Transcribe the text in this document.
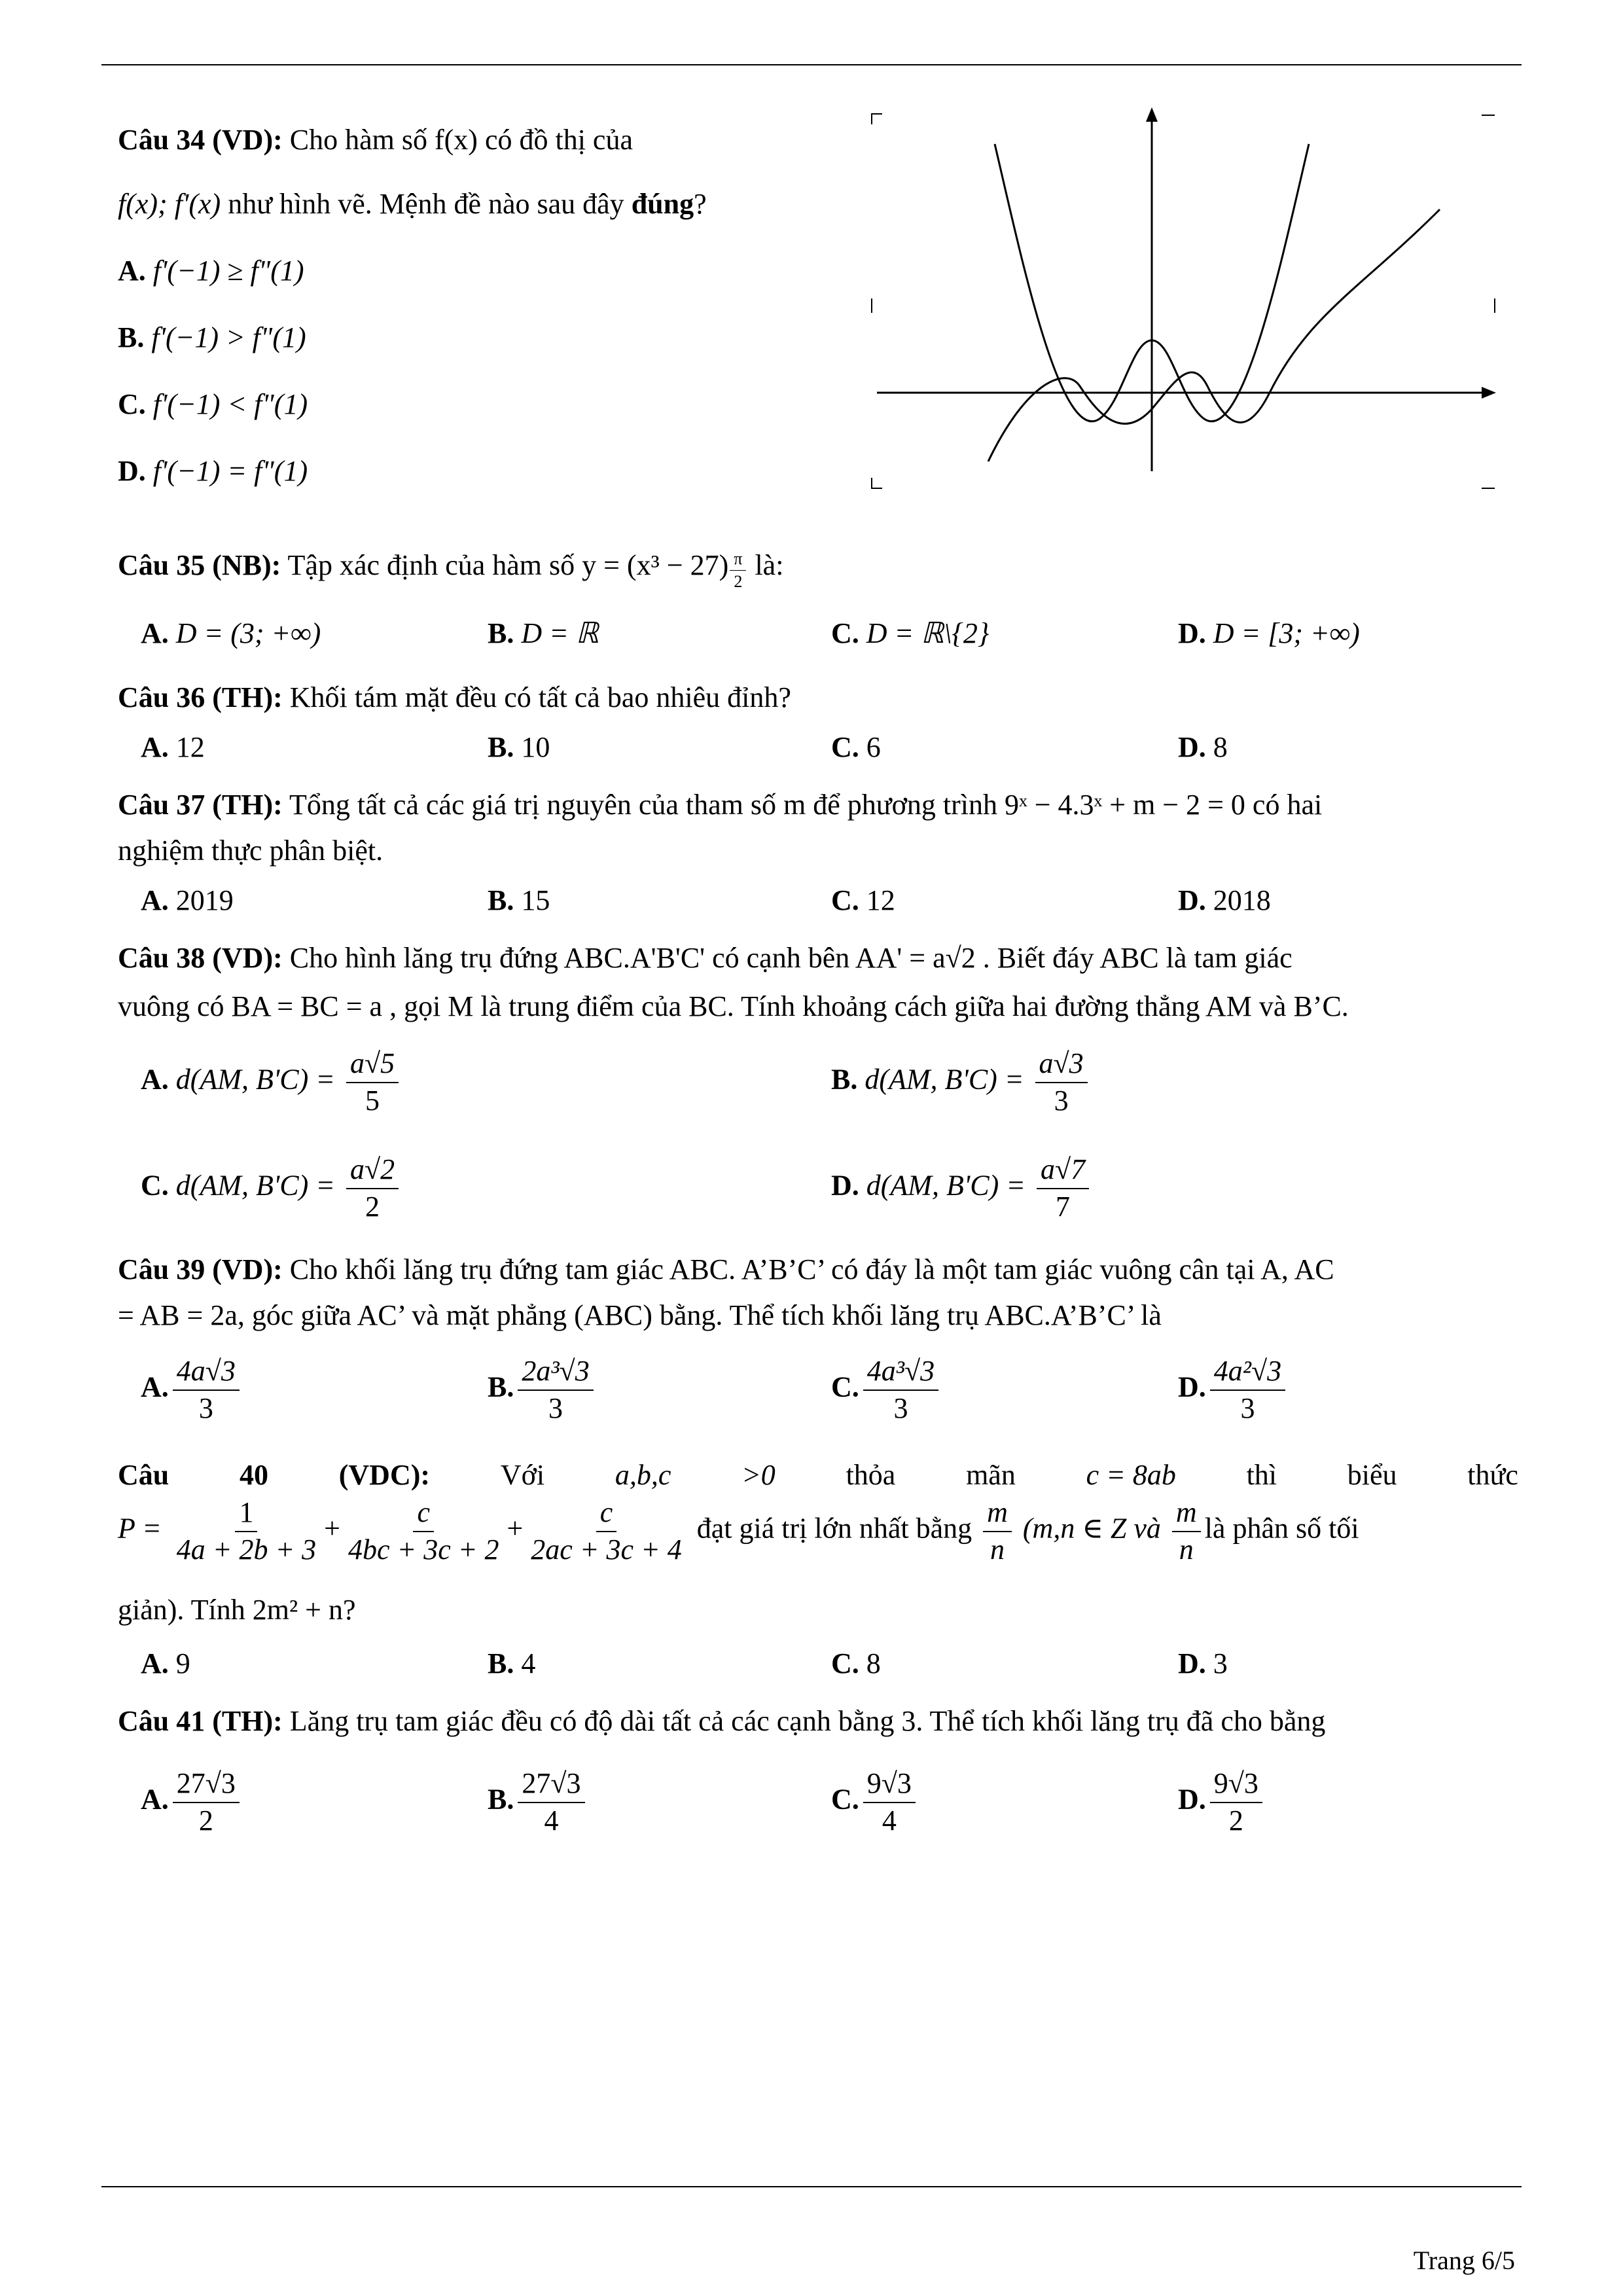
Câu 34 (VD): Cho hàm số f(x) có đồ thị của
f(x); f'(x) như hình vẽ. Mệnh đề nào sau đây đúng?
A. f'(−1) ≥ f"(1)
B. f'(−1) > f"(1)
C. f'(−1) < f"(1)
D. f'(−1) = f"(1)
Câu 35 (NB): Tập xác định của hàm số $y = (x^3 - 27) \frac{\pi}{2}$ là:
A. D = (3; +∞)	B. D = ℝ	C. D = ℝ\{2}	D. D = [3; +∞)
Câu 36 (TH): Khối tám mặt đều có tất cả bao nhiêu đỉnh?
A. 12	B. 10	C. 6	D. 8
Câu 37 (TH): Tổng tất cả các giá trị nguyên của tham số m để phương trình 9ˣ − 4.3ˣ + m − 2 = 0 có hai
nghiệm thực phân biệt.
A. 2019	B. 15	C. 12	D. 2018
Câu 38 (VD): Cho hình lăng trụ đứng ABC.A'B'C' có cạnh bên AA' = a√2 . Biết đáy ABC là tam giác
vuông có BA = BC = a , gọi M là trung điểm của BC. Tính khoảng cách giữa hai đường thẳng AM và B’C.
A. d(AM, $B'C) = \frac{a√5}{5}$	B. d(AM, $B'C) = \frac{a√3}{3}$
C. d(AM, $B'C) = \frac{a√2}{2}$	D. d(AM, $B'C) = \frac{a√7}{7}$
Câu 39 (VD): Cho khối lăng trụ đứng tam giác ABC. A’B’C’ có đáy là một tam giác vuông cân tại A, AC
= AB = 2a, góc giữa AC’ và mặt phẳng (ABC) bằng. Thể tích khối lăng trụ ABC.A’B’C’ là
A. $\frac{4a√3}{3}$	B. $\frac{\text{2a³√3}}{3}$	C. $\frac{\text{4a³√3}}{3}$	D. $\frac{\text{4a²√3}}{3}$
Câu 40 (VDC): Với a,b,c >0 thỏa mãn c = 8ab thì biểu thức
$P = \frac{1}{4a + 2b + 3} + \frac{c}{4bc + 3c + 2} + \frac{c}{2ac + 3c + 4}$ đạt giá trị lớn nhất bằng $\frac{m}{n} (m,n$ ∈ Z và $\frac{m}{n}$ là phân số tối
giản). Tính 2m² + n?
A. 9	B. 4	C. 8	D. 3
Câu 41 (TH): Lăng trụ tam giác đều có độ dài tất cả các cạnh bằng 3. Thể tích khối lăng trụ đã cho bằng
A. $\frac{27√3}{2}$	B. $\frac{27√3}{4}$	C. $\frac{9√3}{4}$	D. $\frac{9√3}{2}$
Trang 6/5
